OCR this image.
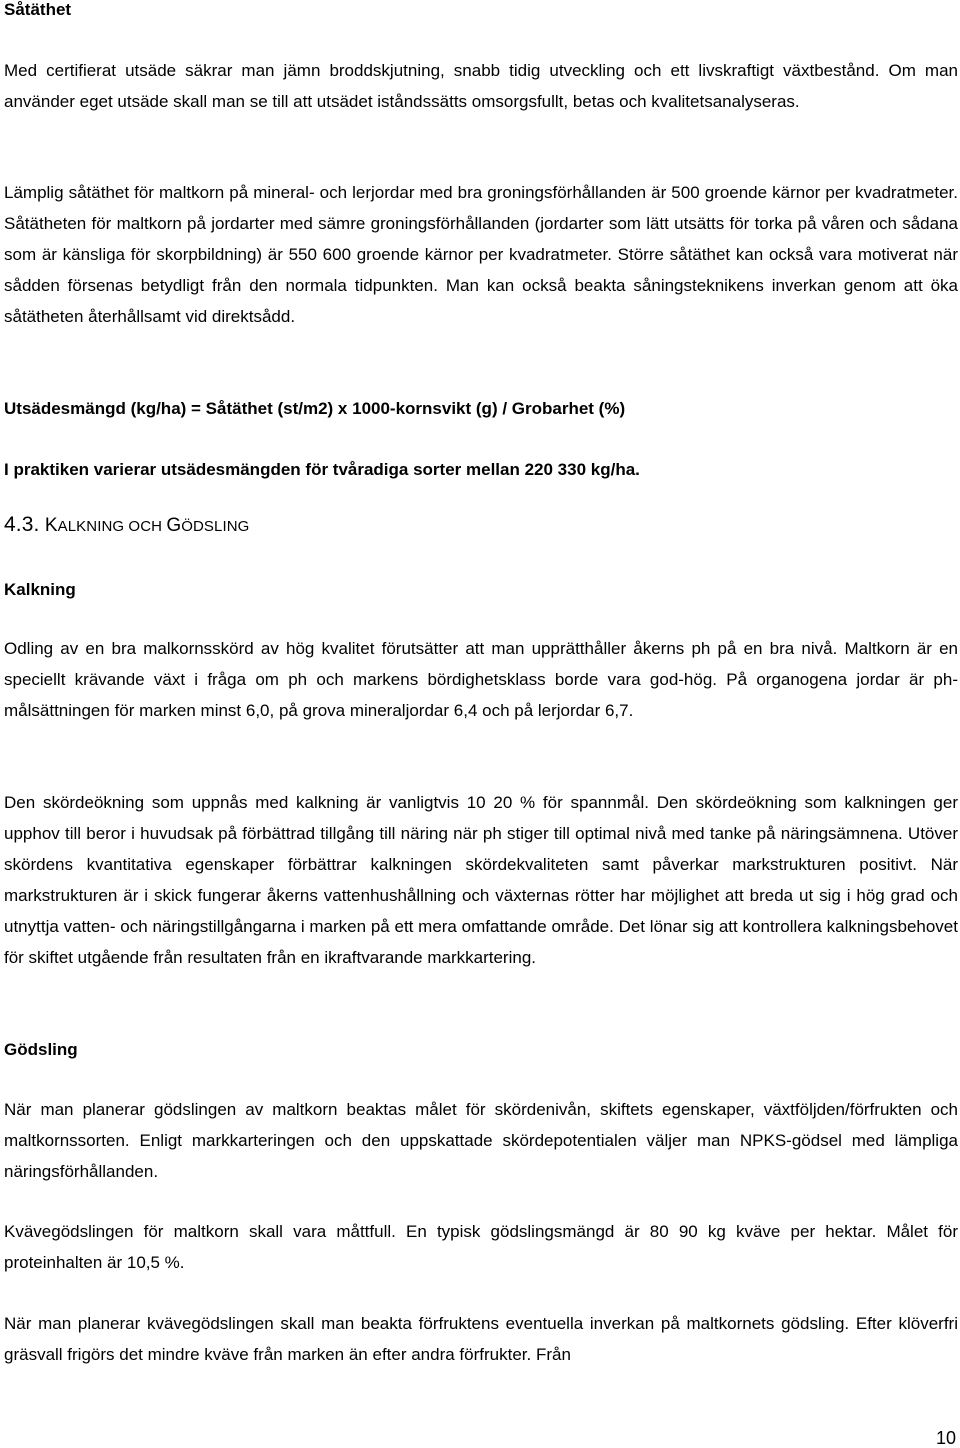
Såtäthet

Med certifierat utsäde säkrar man jämn broddskjutning, snabb tidig utveckling och ett livskraftigt växtbestånd. Om man använder eget utsäde skall man se till att utsädet iståndssätts omsorgsfullt, betas och kvalitetsanalyseras.

Lämplig såtäthet för maltkorn på mineral- och lerjordar med bra groningsförhållanden är 500 groende kärnor per kvadratmeter. Såtätheten för maltkorn på jordarter med sämre groningsförhållanden (jordarter som lätt utsätts för torka på våren och sådana som är känsliga för skorpbildning) är 550 600 groende kärnor per kvadratmeter. Större såtäthet kan också vara motiverat när sådden försenas betydligt från den normala tidpunkten. Man kan också beakta såningsteknikens inverkan genom att öka såtätheten återhållsamt vid direktsådd.

Utsädesmängd (kg/ha) = Såtäthet (st/m2) x 1000-kornsvikt (g) / Grobarhet (%)

I praktiken varierar utsädesmängden för tvåradiga sorter mellan 220 330 kg/ha.

4.3. KALKNING OCH GÖDSLING

Kalkning

Odling av en bra malkornsskörd av hög kvalitet förutsätter att man upprätthåller åkerns ph på en bra nivå. Maltkorn är en speciellt krävande växt i fråga om ph och markens bördighetsklass borde vara god-hög. På organogena jordar är ph-målsättningen för marken minst 6,0, på grova mineraljordar 6,4 och på lerjordar 6,7.

Den skördeökning som uppnås med kalkning är vanligtvis 10 20 % för spannmål. Den skördeökning som kalkningen ger upphov till beror i huvudsak på förbättrad tillgång till näring när ph stiger till optimal nivå med tanke på näringsämnena. Utöver skördens kvantitativa egenskaper förbättrar kalkningen skördekvaliteten samt påverkar markstrukturen positivt. När markstrukturen är i skick fungerar åkerns vattenhushållning och växternas rötter har möjlighet att breda ut sig i hög grad och utnyttja vatten- och näringstillgångarna i marken på ett mera omfattande område. Det lönar sig att kontrollera kalkningsbehovet för skiftet utgående från resultaten från en ikraftvarande markkartering.

Gödsling

När man planerar gödslingen av maltkorn beaktas målet för skördenivån, skiftets egenskaper, växtföljden/förfrukten och maltkornssorten. Enligt markkarteringen och den uppskattade skördepotentialen väljer man NPKS-gödsel med lämpliga näringsförhållanden.

Kvävegödslingen för maltkorn skall vara måttfull. En typisk gödslingsmängd är 80 90 kg kväve per hektar. Målet för proteinhalten är 10,5 %.

När man planerar kvävegödslingen skall man beakta förfruktens eventuella inverkan på maltkornets gödsling. Efter klöverfri gräsvall frigörs det mindre kväve från marken än efter andra förfrukter. Från

10
